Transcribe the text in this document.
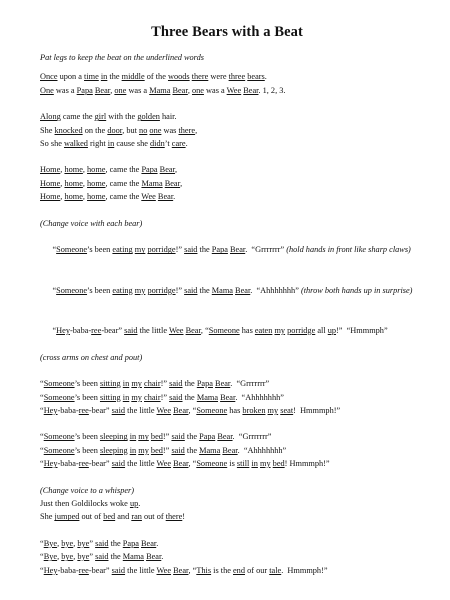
Three Bears with a Beat
Pat legs to keep the beat on the underlined words
Once upon a time in the middle of the woods there were three bears.
One was a Papa Bear, one was a Mama Bear, one was a Wee Bear. 1, 2, 3.
Along came the girl with the golden hair.
She knocked on the door, but no one was there,
So she walked right in cause she didn’t care.
Home, home, home, came the Papa Bear,
Home, home, home, came the Mama Bear,
Home, home, home, came the Wee Bear.
(Change voice with each bear)

“Someone’s been eating my porridge!” said the Papa Bear.  “Grrrrrrr” (hold hands in front like sharp claws)

“Someone’s been eating my porridge!” said the Mama Bear.  “Ahhhhhhh” (throw both hands up in surprise)

“Hey-baba-ree-bear” said the little Wee Bear, “Someone has eaten my porridge all up!”  “Hmmmph”

(cross arms on chest and pout)
“Someone’s been sitting in my chair!” said the Papa Bear.  “Grrrrrrr”
“Someone’s been sitting in my chair!” said the Mama Bear.  “Ahhhhhhh”
“Hey-baba-ree-bear” said the little Wee Bear, “Someone has broken my seat!  Hmmmph!”
“Someone’s been sleeping in my bed!” said the Papa Bear.  “Grrrrrrr”
“Someone’s been sleeping in my bed!” said the Mama Bear.  “Ahhhhhhh”
“Hey-baba-ree-bear” said the little Wee Bear, “Someone is still in my bed! Hmmmph!”
(Change voice to a whisper)
Just then Goldilocks woke up.
She jumped out of bed and ran out of there!
“Bye, bye, bye” said the Papa Bear.
“Bye, bye, bye” said the Mama Bear.
“Hey-baba-ree-bear” said the little Wee Bear, “This is the end of our tale.  Hmmmph!”
